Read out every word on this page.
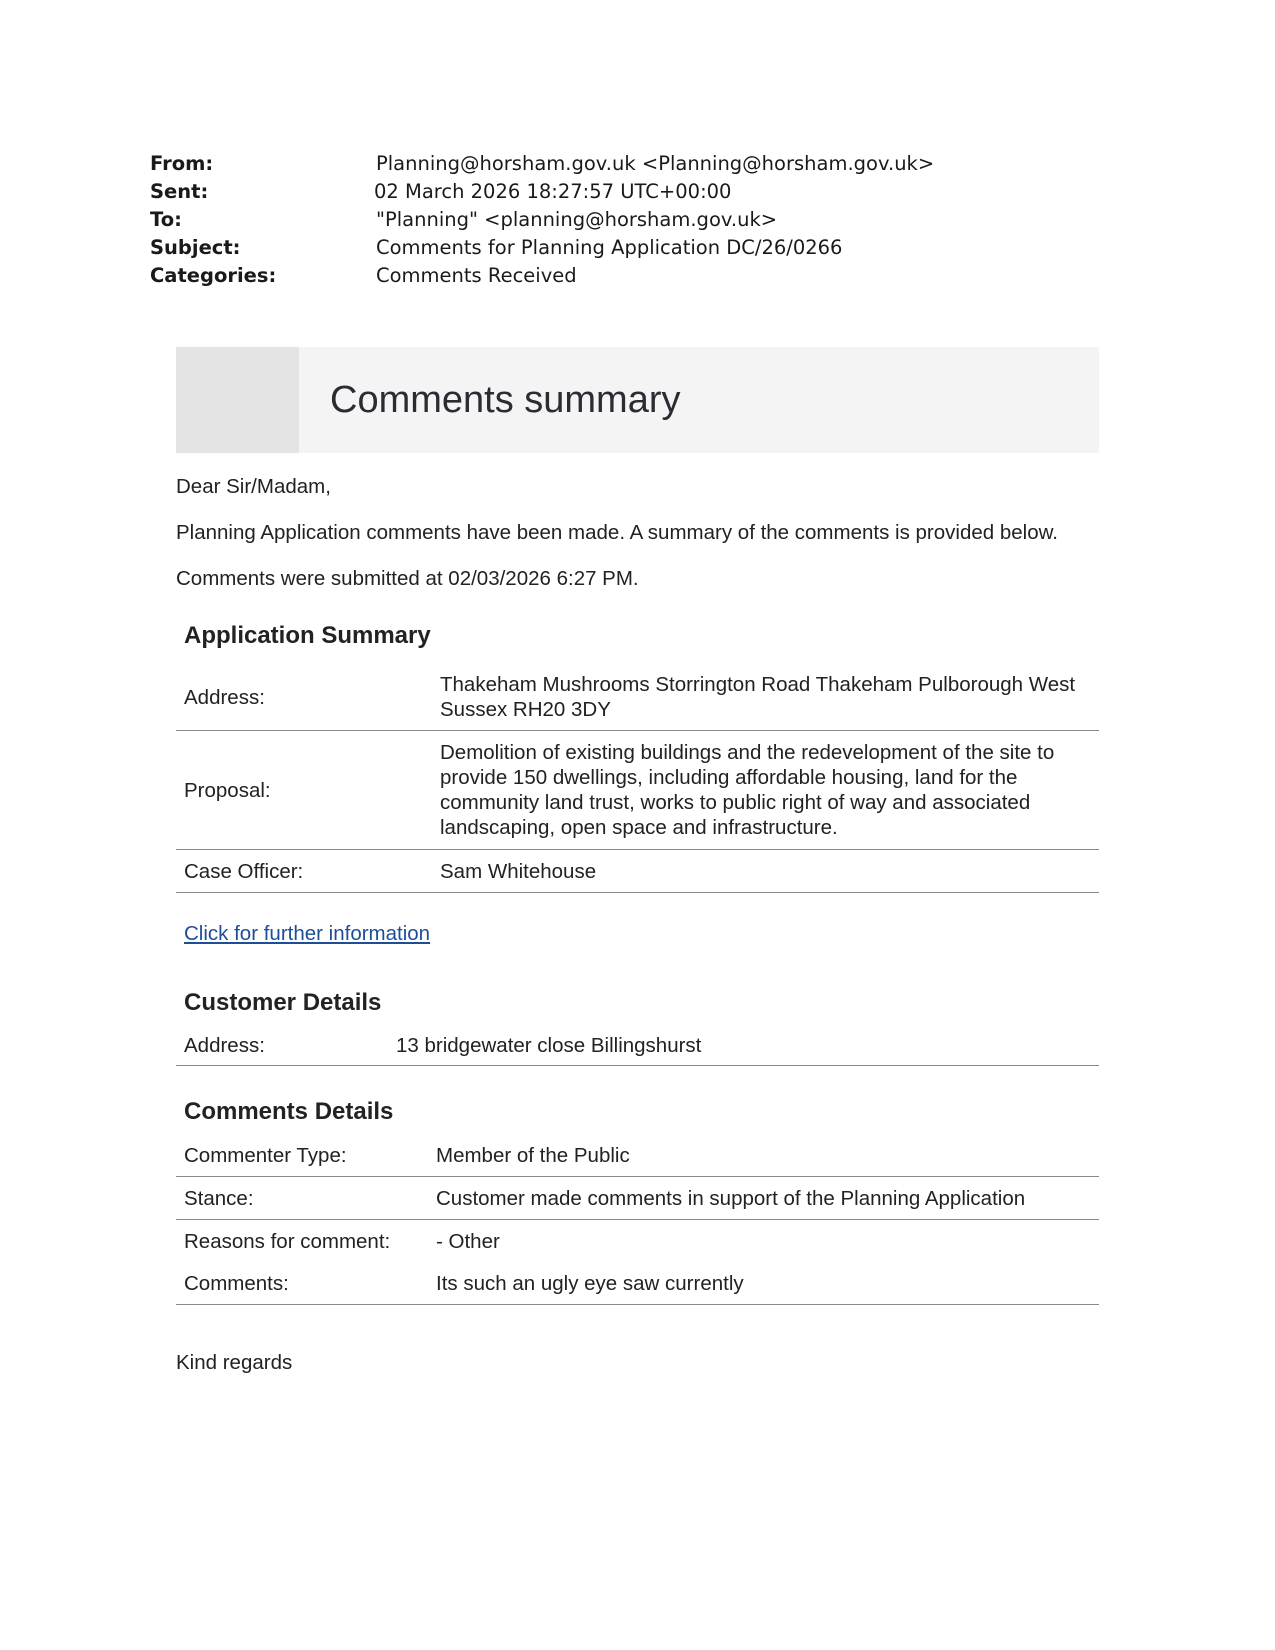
From:	Planning@horsham.gov.uk <Planning@horsham.gov.uk>
Sent:	02 March 2026 18:27:57 UTC+00:00
To:	"Planning" <planning@horsham.gov.uk>
Subject:	Comments for Planning Application DC/26/0266
Categories:	Comments Received
Comments summary

Dear Sir/Madam,

Planning Application comments have been made. A summary of the comments is provided below.

Comments were submitted at 02/03/2026 6:27 PM.

Application Summary
Address:	Thakeham Mushrooms Storrington Road Thakeham Pulborough West Sussex RH20 3DY
Proposal:	Demolition of existing buildings and the redevelopment of the site to provide 150 dwellings, including affordable housing, land for the community land trust, works to public right of way and associated landscaping, open space and infrastructure.
Case Officer:	Sam Whitehouse
Click for further information
Customer Details
Address:	13 bridgewater close Billingshurst
Comments Details
Commenter Type:	Member of the Public
Stance:	Customer made comments in support of the Planning Application
Reasons for comment:	- Other
Comments:	Its such an ugly eye saw currently

Kind regards
